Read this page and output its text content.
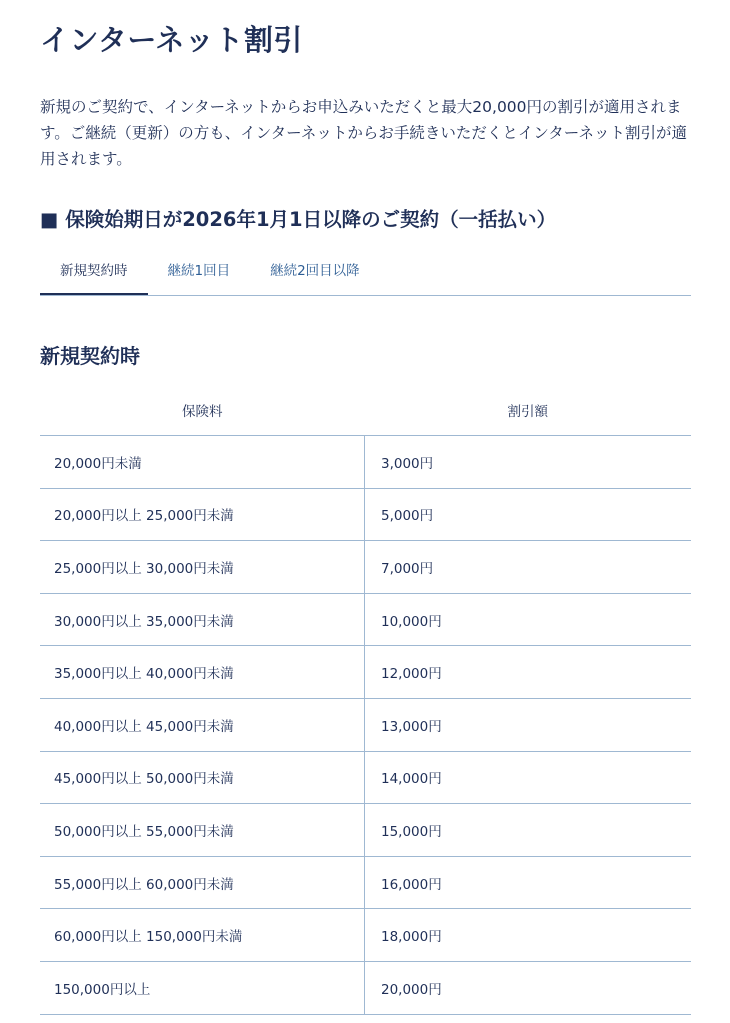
インターネット割引

新規のご契約で、インターネットからお申込みいただくと最大20,000円の割引が適用されます。ご継続（更新）の方も、インターネットからお手続きいただくとインターネット割引が適用されます。

■ 保険始期日が2026年1月1日以降のご契約（一括払い）
新規契約時	継続1回目	継続2回目以降
新規契約時
保険料	割引額
20,000円未満	3,000円
20,000円以上 25,000円未満	5,000円
25,000円以上 30,000円未満	7,000円
30,000円以上 35,000円未満	10,000円
35,000円以上 40,000円未満	12,000円
40,000円以上 45,000円未満	13,000円
45,000円以上 50,000円未満	14,000円
50,000円以上 55,000円未満	15,000円
55,000円以上 60,000円未満	16,000円
60,000円以上 150,000円未満	18,000円
150,000円以上	20,000円
